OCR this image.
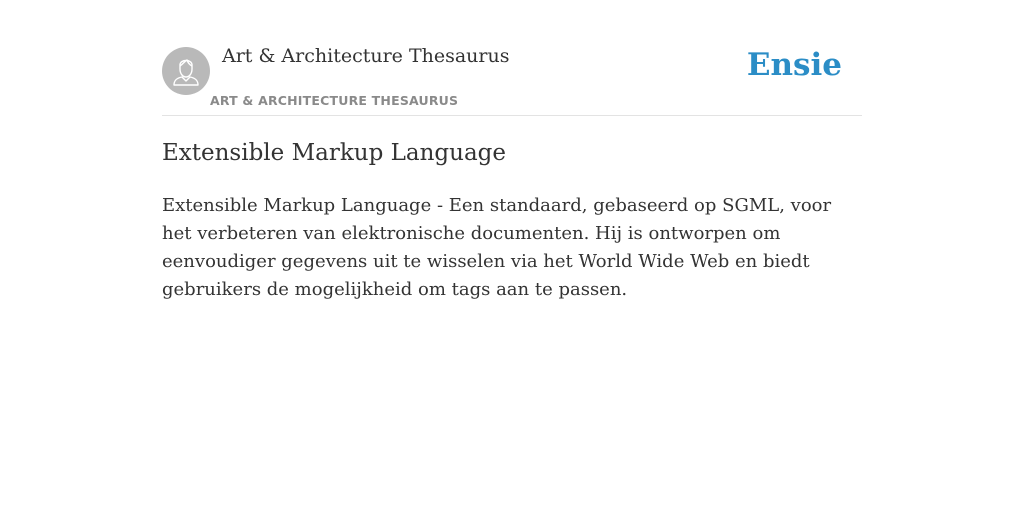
Art & Architecture Thesaurus
ART & ARCHITECTURE THESAURUS
Ensie
Extensible Markup Language

Extensible Markup Language - Een standaard, gebaseerd op SGML, voor het verbeteren van elektronische documenten. Hij is ontworpen om eenvoudiger gegevens uit te wisselen via het World Wide Web en biedt gebruikers de mogelijkheid om tags aan te passen.
